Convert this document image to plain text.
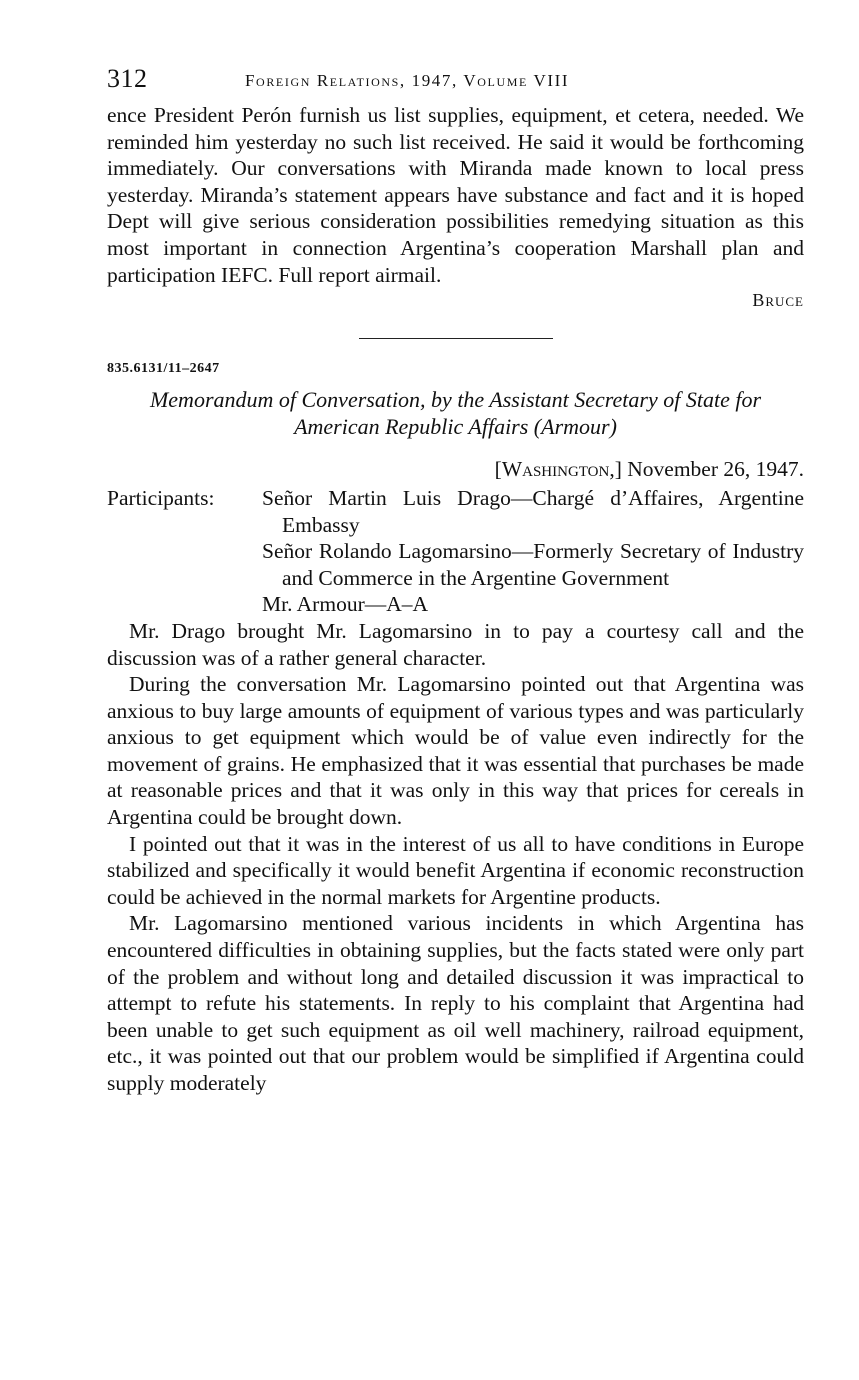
312	Foreign Relations, 1947, Volume VIII

ence President Perón furnish us list supplies, equipment, et cetera, needed. We reminded him yesterday no such list received. He said it would be forthcoming immediately. Our conversations with Miranda made known to local press yesterday. Miranda’s statement appears have substance and fact and it is hoped Dept will give serious consideration possibilities remedying situation as this most important in connection Argentina’s cooperation Marshall plan and participation IEFC. Full report airmail.

Bruce
835.6131/11–2647
Memorandum of Conversation, by the Assistant Secretary of State for American Republic Affairs (Armour)
[Washington,] November 26, 1947.
Participants:	Señor Martin Luis Drago—Chargé d’Affaires, Argentine Embassy
Señor Rolando Lagomarsino—Formerly Secretary of Industry and Commerce in the Argentine Government
Mr. Armour—A–A

Mr. Drago brought Mr. Lagomarsino in to pay a courtesy call and the discussion was of a rather general character.

During the conversation Mr. Lagomarsino pointed out that Argentina was anxious to buy large amounts of equipment of various types and was particularly anxious to get equipment which would be of value even indirectly for the movement of grains. He emphasized that it was essential that purchases be made at reasonable prices and that it was only in this way that prices for cereals in Argentina could be brought down.

I pointed out that it was in the interest of us all to have conditions in Europe stabilized and specifically it would benefit Argentina if economic reconstruction could be achieved in the normal markets for Argentine products.

Mr. Lagomarsino mentioned various incidents in which Argentina has encountered difficulties in obtaining supplies, but the facts stated were only part of the problem and without long and detailed discussion it was impractical to attempt to refute his statements. In reply to his complaint that Argentina had been unable to get such equipment as oil well machinery, railroad equipment, etc., it was pointed out that our problem would be simplified if Argentina could supply moderately
